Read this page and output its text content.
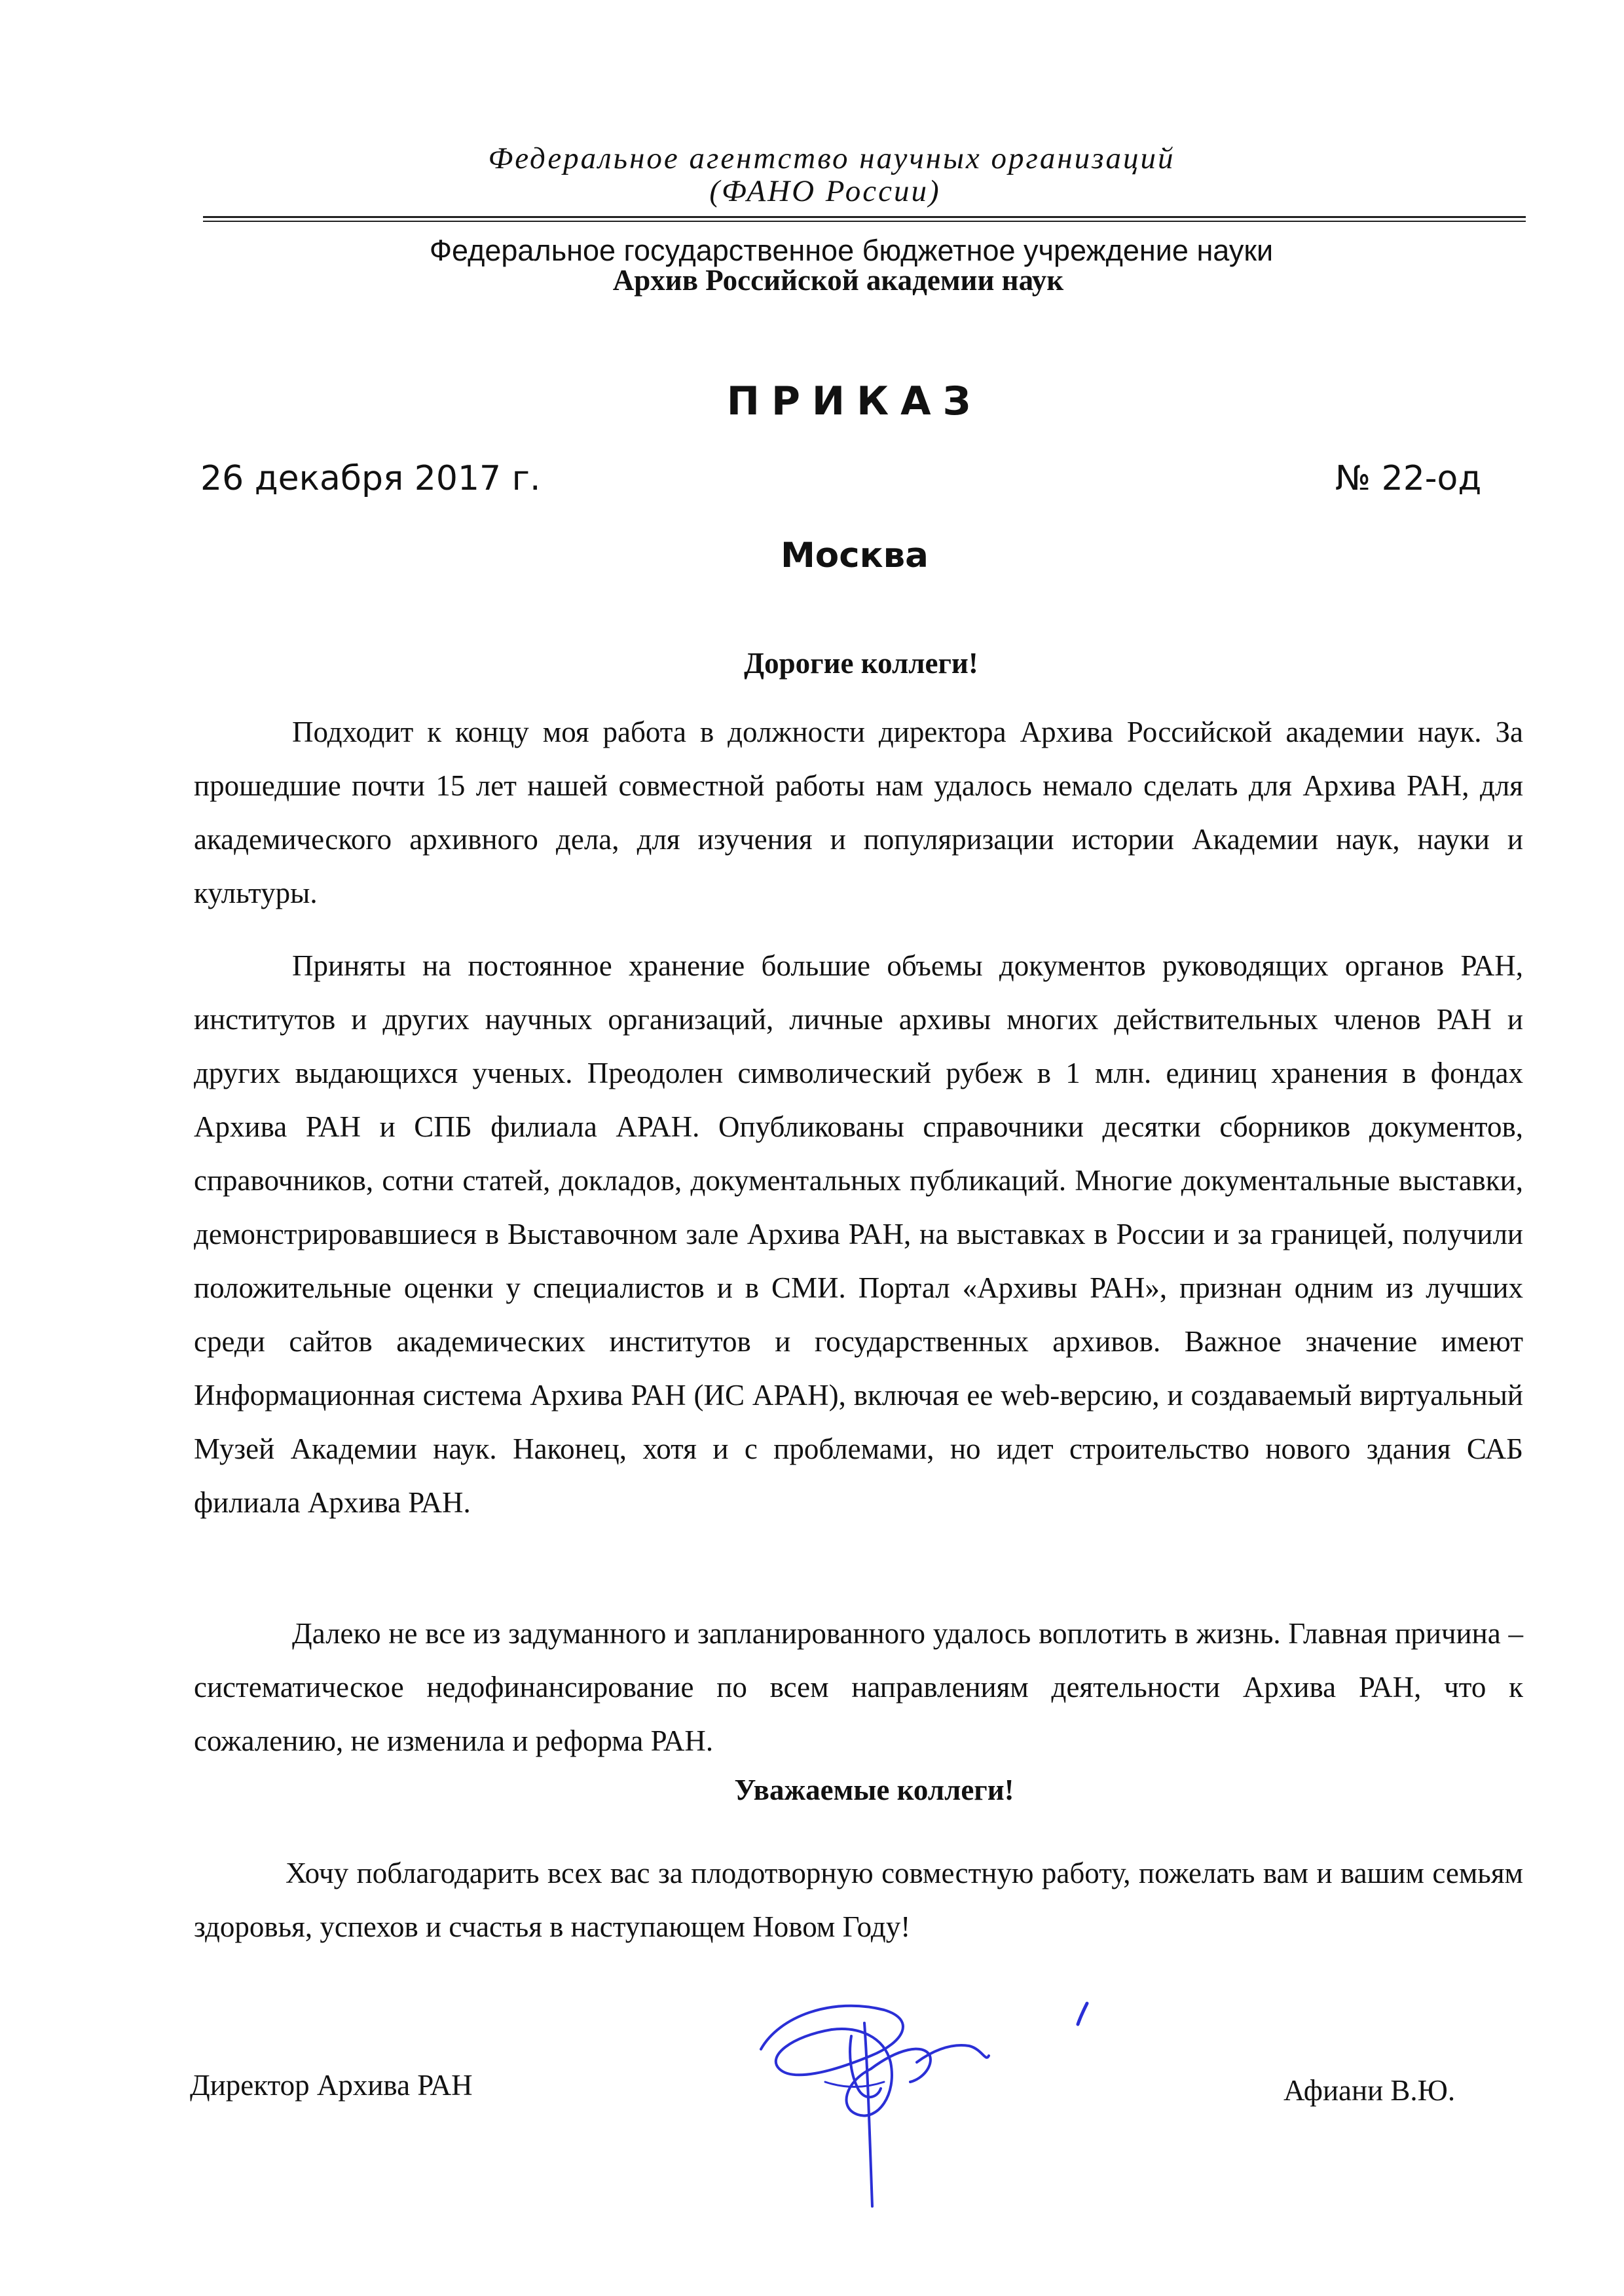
Федеральное агентство научных организаций
(ФАНО России)
Федеральное государственное бюджетное учреждение науки
Архив Российской академии наук
ПРИКАЗ
26 декабря 2017 г.	№ 22-од
Москва
Дорогие коллеги!

Подходит к концу моя работа в должности директора Архива Российской академии наук. За прошедшие почти 15 лет нашей совместной работы нам удалось немало сделать для Архива РАН, для академического архивного дела, для изучения и популяризации истории Академии наук, науки и культуры.

Приняты на постоянное хранение большие объемы документов руководящих органов РАН, институтов и других научных организаций, личные архивы многих действительных членов РАН и других выдающихся ученых. Преодолен символический рубеж в 1 млн. единиц хранения в фондах Архива РАН и СПБ филиала АРАН. Опубликованы справочники десятки сборников документов, справочников, сотни статей, докладов, документальных публикаций. Многие документальные выставки, демонстрировавшиеся в Выставочном зале Архива РАН, на выставках в России и за границей, получили положительные оценки у специалистов и в СМИ. Портал «Архивы РАН», признан одним из лучших среди сайтов академических институтов и государственных архивов. Важное значение имеют Информационная система Архива РАН (ИС АРАН), включая ее web-версию, и создаваемый виртуальный Музей Академии наук. Наконец, хотя и с проблемами, но идет строительство нового здания САБ филиала Архива РАН.

Далеко не все из задуманного и запланированного удалось воплотить в жизнь. Главная причина – систематическое недофинансирование по всем направлениям деятельности Архива РАН, что к сожалению, не изменила и реформа РАН.

Уважаемые коллеги!

Хочу поблагодарить всех вас за плодотворную совместную работу, пожелать вам и вашим семьям здоровья, успехов и счастья в наступающем Новом Году!

Директор Архива РАН	Афиани В.Ю.
